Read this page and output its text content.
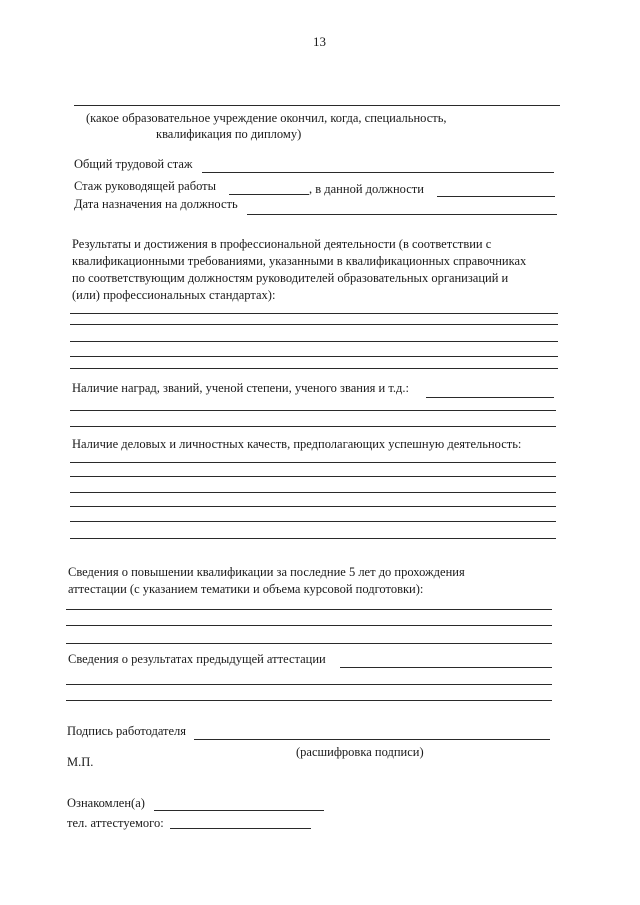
13
(какое образовательное учреждение окончил, когда, специальность,
квалификация по диплому)
Общий трудовой стаж
Стаж руководящей работы	, в данной должности
Дата назначения на должность
Результаты и достижения в профессиональной деятельности (в соответствии с
квалификационными требованиями, указанными в квалификационных справочниках
по соответствующим должностям руководителей образовательных организаций и
(или) профессиональных стандартах):
Наличие наград, званий, ученой степени, ученого звания и т.д.:
Наличие деловых и личностных качеств, предполагающих успешную деятельность:
Сведения о повышении квалификации за последние 5 лет до прохождения
аттестации (с указанием тематики и объема курсовой подготовки):
Сведения о результатах предыдущей аттестации
Подпись работодателя
(расшифровка подписи)
М.П.
Ознакомлен(а)
тел. аттестуемого:
